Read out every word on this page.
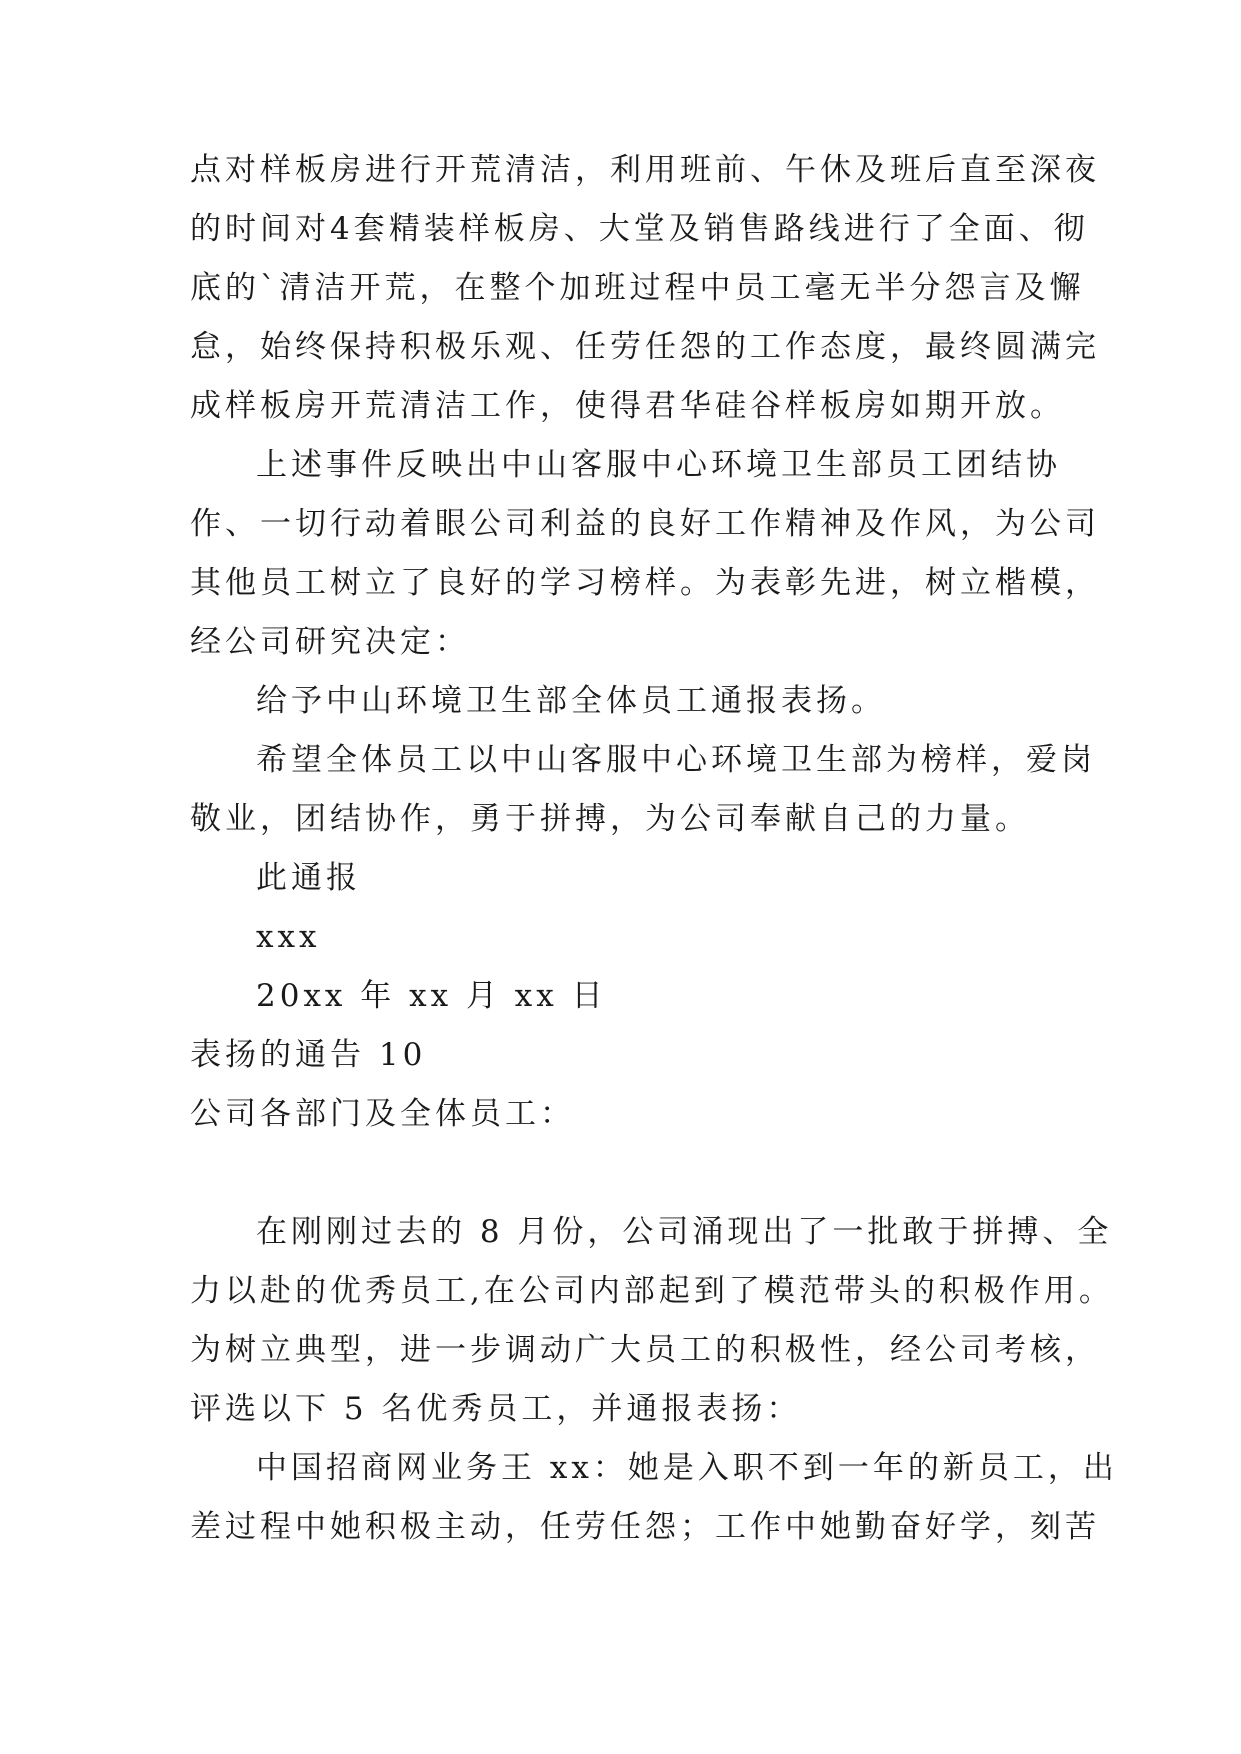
点对样板房进行开荒清洁，利用班前、午休及班后直至深夜
的时间对4套精装样板房、大堂及销售路线进行了全面、彻
底的`清洁开荒，在整个加班过程中员工毫无半分怨言及懈
怠，始终保持积极乐观、任劳任怨的工作态度，最终圆满完
成样板房开荒清洁工作，使得君华硅谷样板房如期开放。
上述事件反映出中山客服中心环境卫生部员工团结协
作、一切行动着眼公司利益的良好工作精神及作风，为公司
其他员工树立了良好的学习榜样。为表彰先进，树立楷模，
经公司研究决定：
给予中山环境卫生部全体员工通报表扬。
希望全体员工以中山客服中心环境卫生部为榜样，爱岗
敬业，团结协作，勇于拼搏，为公司奉献自己的力量。
此通报
xxx
20xx 年 xx 月 xx 日
表扬的通告 10
公司各部门及全体员工：
在刚刚过去的 8 月份，公司涌现出了一批敢于拼搏、全
力以赴的优秀员工,在公司内部起到了模范带头的积极作用。
为树立典型，进一步调动广大员工的积极性，经公司考核，
评选以下 5 名优秀员工，并通报表扬：
中国招商网业务王 xx：她是入职不到一年的新员工，出
差过程中她积极主动，任劳任怨；工作中她勤奋好学，刻苦
